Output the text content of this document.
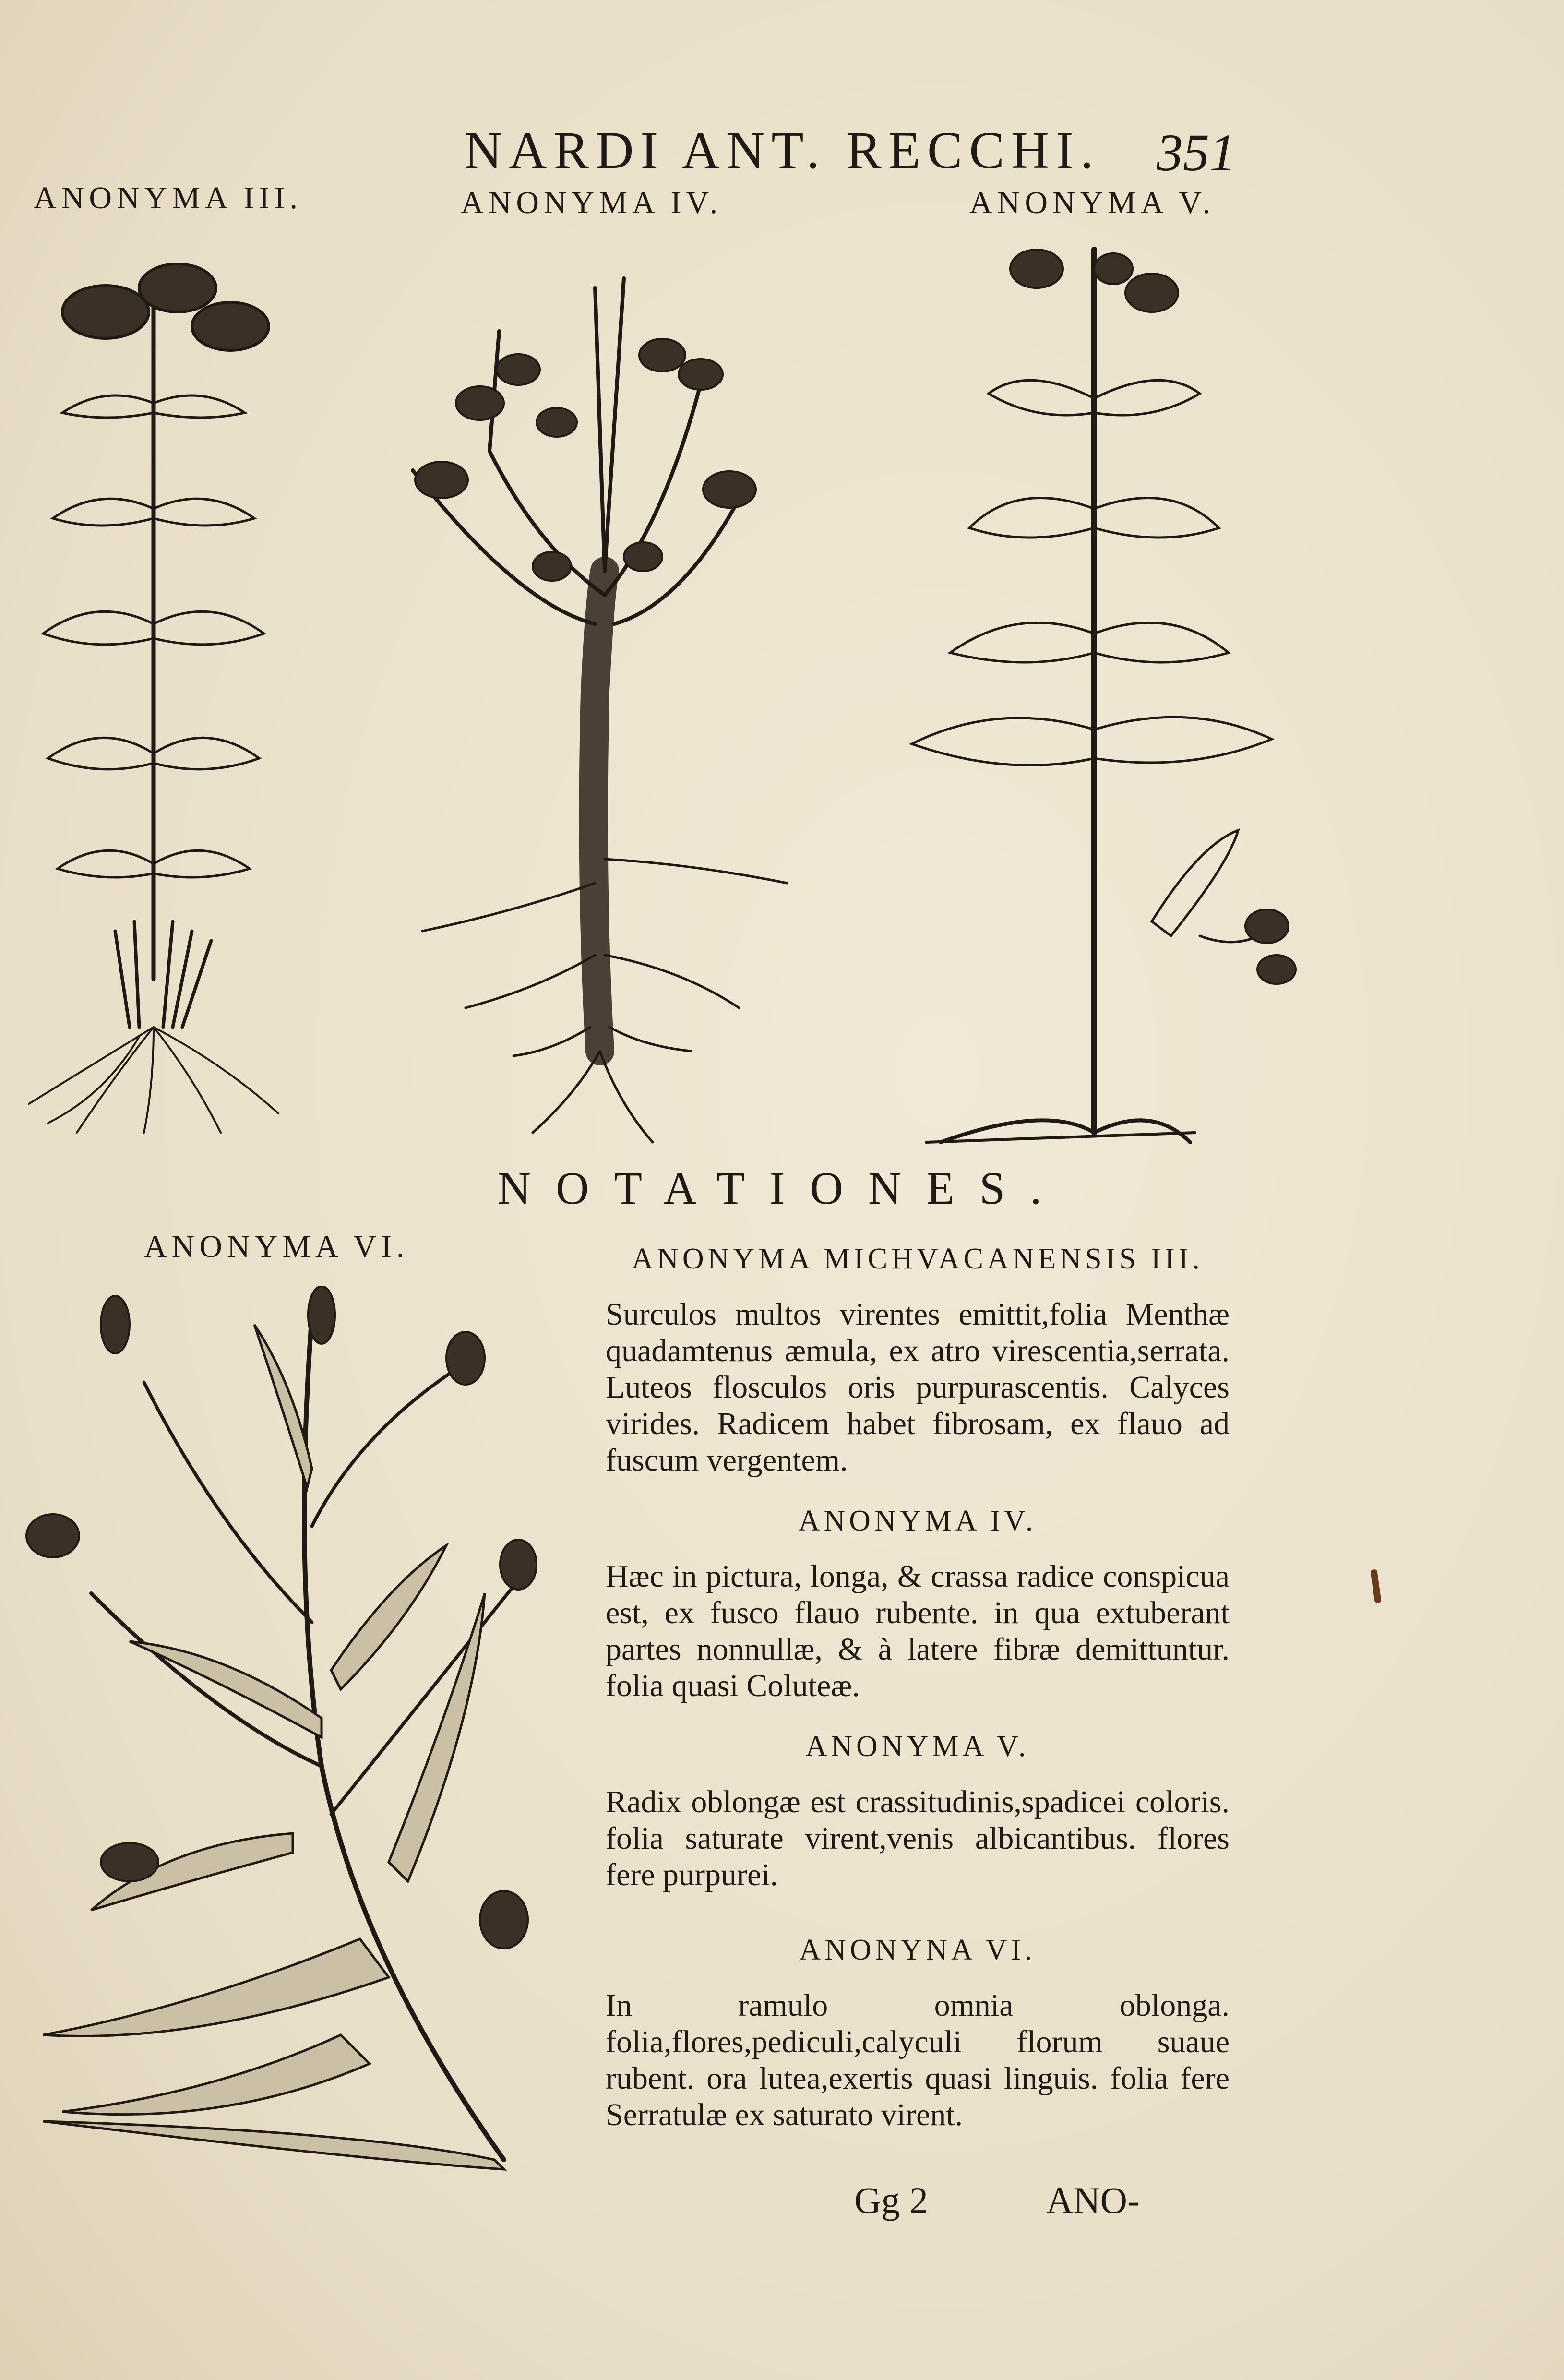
NARDI ANT. RECCHI.	351
ANONYMA III.	ANONYMA IV.	ANONYMA V.
NOTATIONES.
ANONYMA VI.	ANONYMA MICHVACANENSIS III.

Surculos multos virentes emittit,folia Menthæ quadamtenus æmula, ex atro virescentia,serrata. Luteos flosculos oris purpurascentis. Calyces virides. Radicem habet fibrosam, ex flauo ad fuscum vergentem.

ANONYMA IV.

Hæc in pictura, longa, & crassa radice conspicua est, ex fusco flauo rubente. in qua extuberant partes nonnullæ, & à latere fibræ demittuntur. folia quasi Coluteæ.

ANONYMA V.

Radix oblongæ est crassitudinis,spadicei coloris. folia saturate virent,venis albicantibus. flores fere purpurei.

ANONYNA VI.

In ramulo omnia oblonga. folia,flores,pediculi,calyculi florum suaue rubent. ora lutea,exertis quasi linguis. folia fere Serratulæ ex saturato virent.

Gg 2	ANO-
